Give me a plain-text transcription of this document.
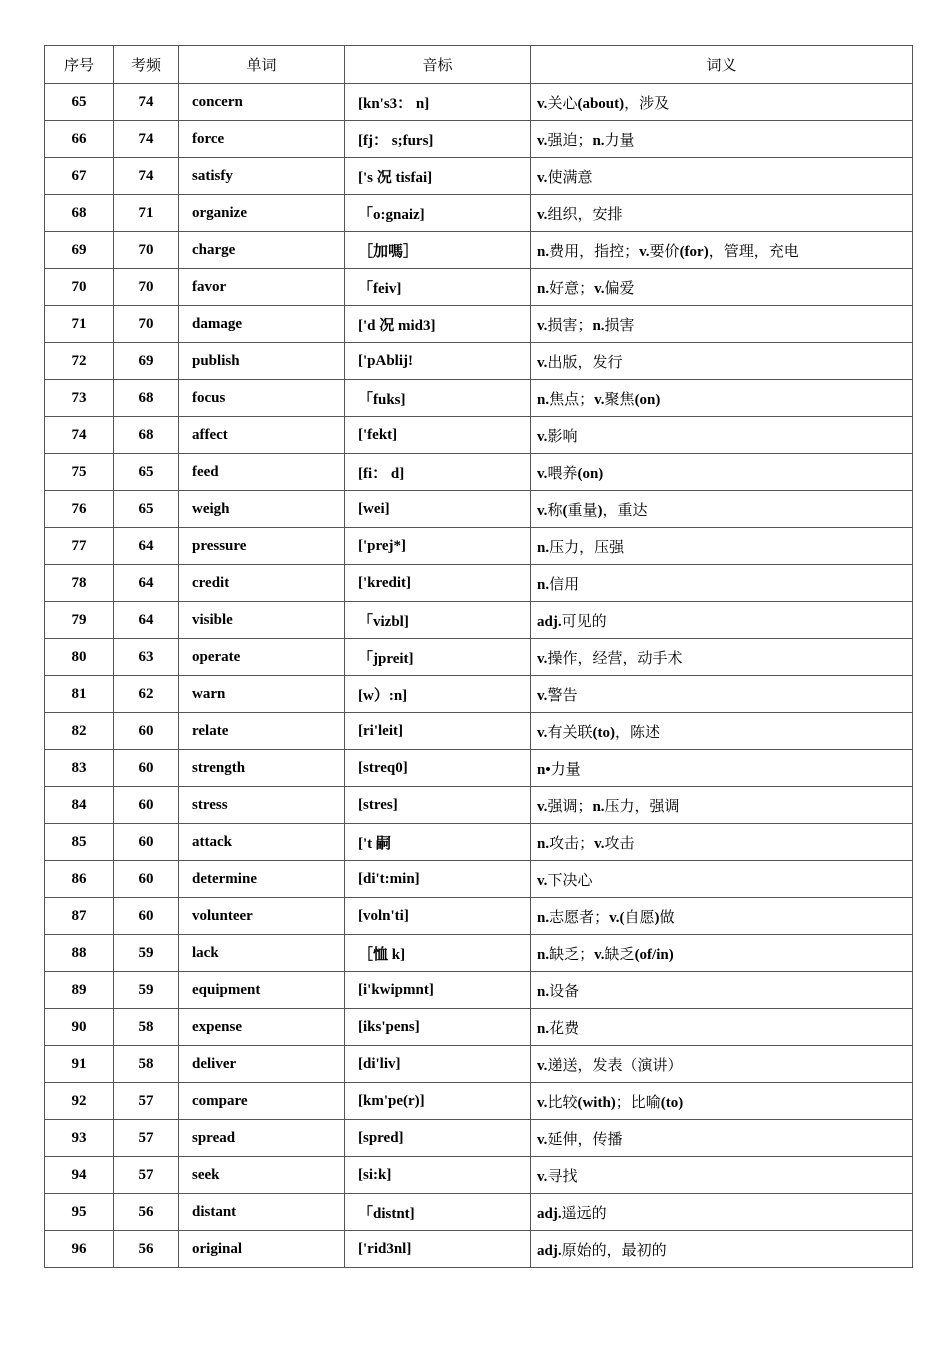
序号	考频	单词	音标	词义
65	74	concern	[kn's3： n]	v.关心(about)，涉及
66	74	force	[fj： s;furs]	v.强迫；n.力量
67	74	satisfy	['s 况 tisfai]	v.使满意
68	71	organize	「o:gnaiz]	v.组织，安排
69	70	charge	［加嗎］	n.费用，指控；v.要价(for)，管理，充电
70	70	favor	「feiv]	n.好意；v.偏爱
71	70	damage	['d 况 mid3]	v.损害；n.损害
72	69	publish	['pAblij!	v.出版，发行
73	68	focus	「fuks]	n.焦点；v.聚焦(on)
74	68	affect	['fekt]	v.影响
75	65	feed	[fi： d]	v.喂养(on)
76	65	weigh	[wei]	v.称(重量)，重达
77	64	pressure	['prej*]	n.压力，压强
78	64	credit	['kredit]	n.信用
79	64	visible	「vizbl]	adj.可见的
80	63	operate	「jpreit]	v.操作，经营，动手术
81	62	warn	[w）:n]	v.警告
82	60	relate	[ri'leit]	v.有关联(to)，陈述
83	60	strength	[streq0]	n•力量
84	60	stress	[stres]	v.强调；n.压力，强调
85	60	attack	['t 嗣	n.攻击；v.攻击
86	60	determine	[di't:min]	v.下决心
87	60	volunteer	[voln'ti]	n.志愿者；v.(自愿)做
88	59	lack	［恤 k]	n.缺乏；v.缺乏(of/in)
89	59	equipment	[i'kwipmnt]	n.设备
90	58	expense	[iks'pens]	n.花费
91	58	deliver	[di'liv]	v.递送，发表（演讲）
92	57	compare	[km'pe(r)]	v.比较(with)；比喻(to)
93	57	spread	[spred]	v.延伸，传播
94	57	seek	[si:k]	v.寻找
95	56	distant	「distnt]	adj.遥远的
96	56	original	['rid3nl]	adj.原始的，最初的
